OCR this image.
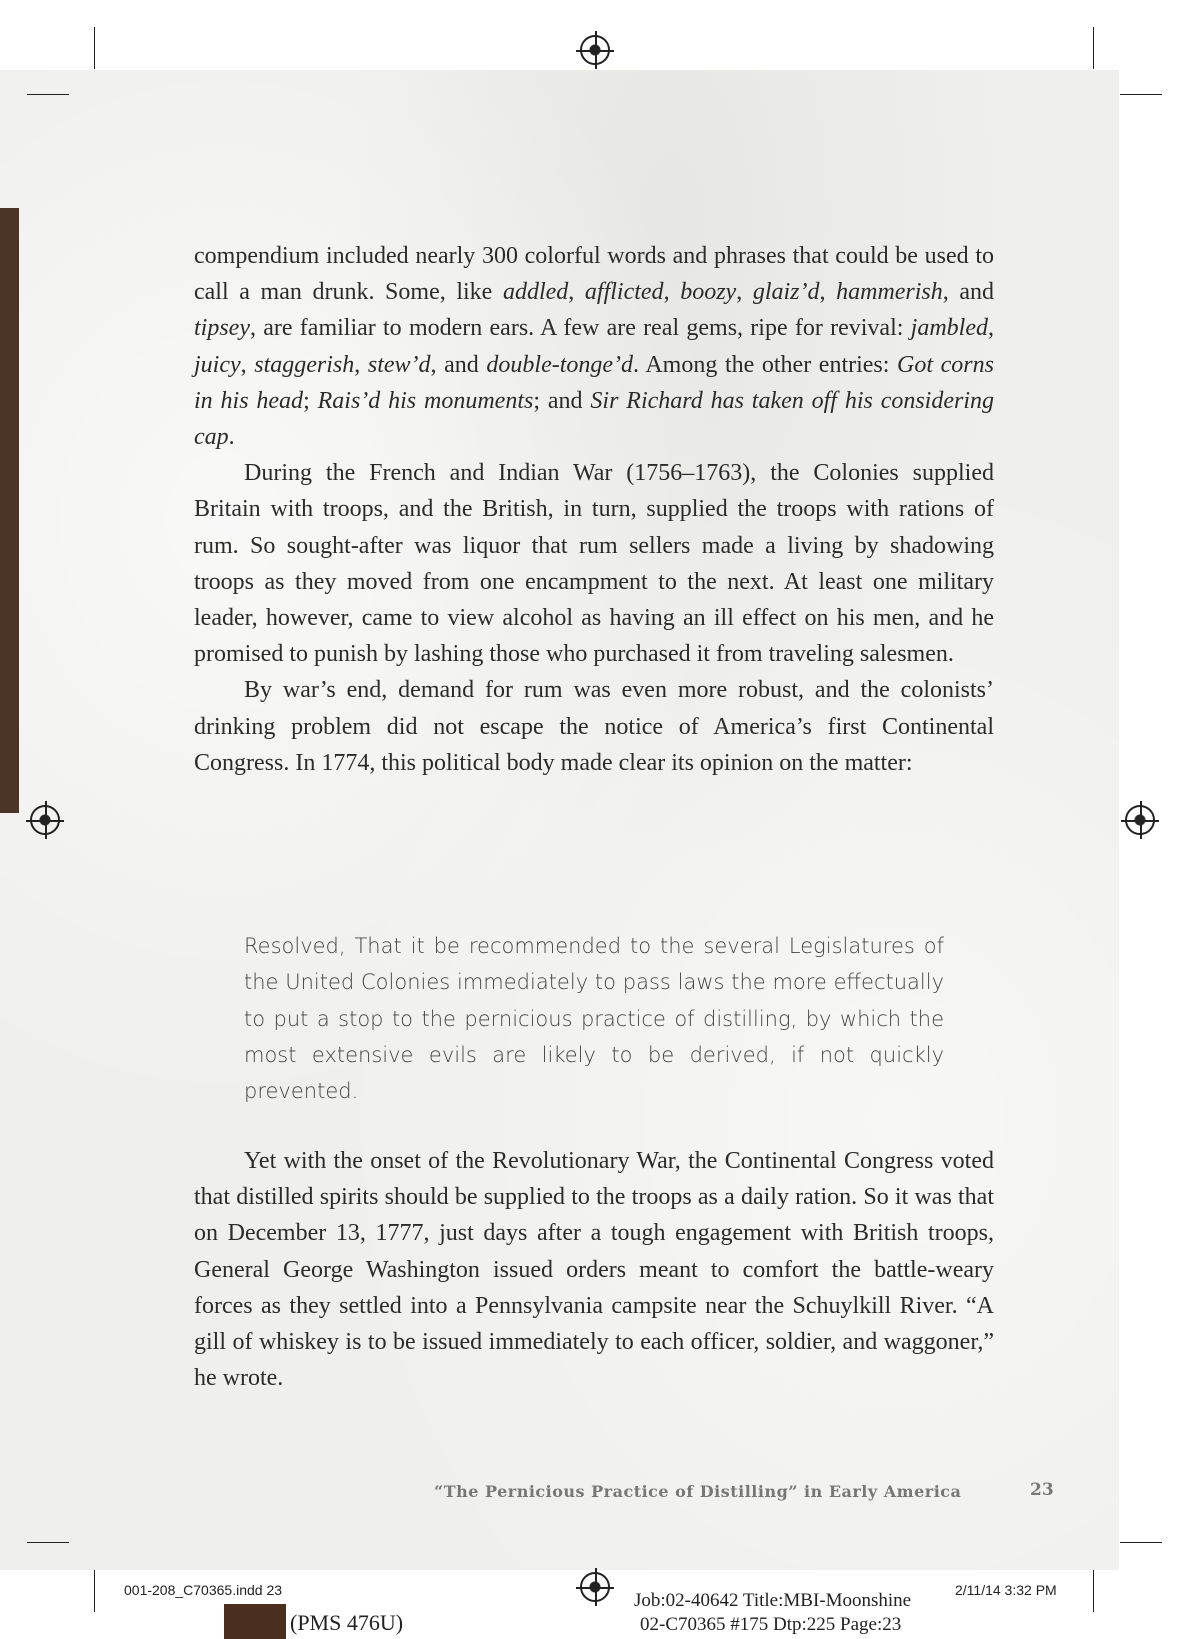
compendium included nearly 300 colorful words and phrases that could be used to call a man drunk. Some, like addled, afflicted, boozy, glaiz’d, hammerish, and tipsey, are familiar to modern ears. A few are real gems, ripe for revival: jambled, juicy, staggerish, stew’d, and double-tonge’d. Among the other entries: Got corns in his head; Rais’d his monuments; and Sir Richard has taken off his considering cap.

During the French and Indian War (1756–1763), the Colonies supplied Britain with troops, and the British, in turn, supplied the troops with rations of rum. So sought-after was liquor that rum sellers made a living by shadowing troops as they moved from one encampment to the next. At least one military leader, however, came to view alcohol as having an ill effect on his men, and he promised to punish by lashing those who purchased it from traveling salesmen.

By war’s end, demand for rum was even more robust, and the colonists’ drinking problem did not escape the notice of America’s first Continental Congress. In 1774, this political body made clear its opinion on the matter:

Resolved, That it be recommended to the several Legislatures of the United Colonies immediately to pass laws the more effectually to put a stop to the pernicious practice of distilling, by which the most extensive evils are likely to be derived, if not quickly prevented.

Yet with the onset of the Revolutionary War, the Continental Congress voted that distilled spirits should be supplied to the troops as a daily ration. So it was that on December 13, 1777, just days after a tough engagement with British troops, General George Washington issued orders meant to comfort the battle-weary forces as they settled into a Pennsylvania campsite near the Schuylkill River. “A gill of whiskey is to be issued immediately to each officer, soldier, and waggoner,” he wrote.

“The Pernicious Practice of Distilling” in Early America	23
001-208_C70365.indd 23	Job:02-40642 Title:MBI-Moonshine	2/11/14 3:32 PM
(PMS 476U)	02-C70365 #175 Dtp:225 Page:23
